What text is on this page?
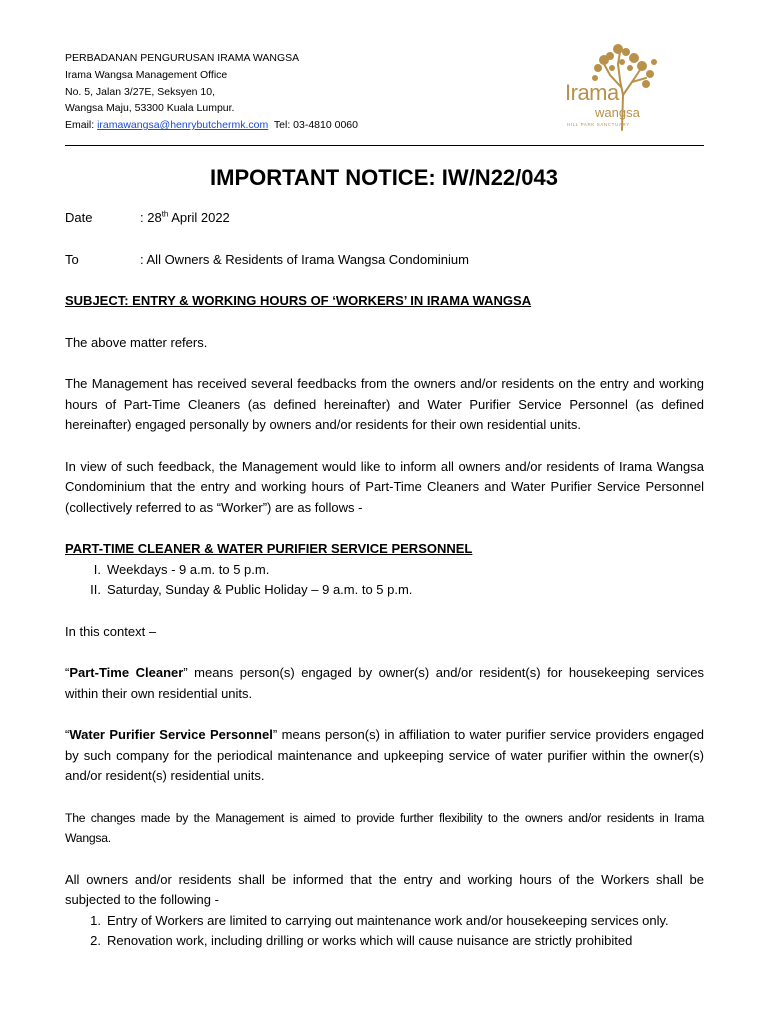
PERBADANAN PENGURUSAN IRAMA WANGSA
Irama Wangsa Management Office
No. 5, Jalan 3/27E, Seksyen 10,
Wangsa Maju, 53300 Kuala Lumpur.
Email: iramawangsa@henrybutchermk.com  Tel: 03-4810 0060
Irama
wangsa
HILL PARK SANCTUARY
IMPORTANT NOTICE: IW/N22/043
Date	: 28th April 2022
To	: All Owners & Residents of Irama Wangsa Condominium
SUBJECT: ENTRY & WORKING HOURS OF ‘WORKERS’ IN IRAMA WANGSA

The above matter refers.

The Management has received several feedbacks from the owners and/or residents on the entry and working hours of Part-Time Cleaners (as defined hereinafter) and Water Purifier Service Personnel (as defined hereinafter) engaged personally by owners and/or residents for their own residential units.

In view of such feedback, the Management would like to inform all owners and/or residents of Irama Wangsa Condominium that the entry and working hours of Part-Time Cleaners and Water Purifier Service Personnel (collectively referred to as “Worker”) are as follows -

PART-TIME CLEANER & WATER PURIFIER SERVICE PERSONNEL
I. Weekdays - 9 a.m. to 5 p.m.
II. Saturday, Sunday & Public Holiday – 9 a.m. to 5 p.m.

In this context –

“Part-Time Cleaner” means person(s) engaged by owner(s) and/or resident(s) for housekeeping services within their own residential units.

“Water Purifier Service Personnel” means person(s) in affiliation to water purifier service providers engaged by such company for the periodical maintenance and upkeeping service of water purifier within the owner(s) and/or resident(s) residential units.

The changes made by the Management is aimed to provide further flexibility to the owners and/or residents in Irama Wangsa.

All owners and/or residents shall be informed that the entry and working hours of the Workers shall be subjected to the following -

1. Entry of Workers are limited to carrying out maintenance work and/or housekeeping services only.
2. Renovation work, including drilling or works which will cause nuisance are strictly prohibited
